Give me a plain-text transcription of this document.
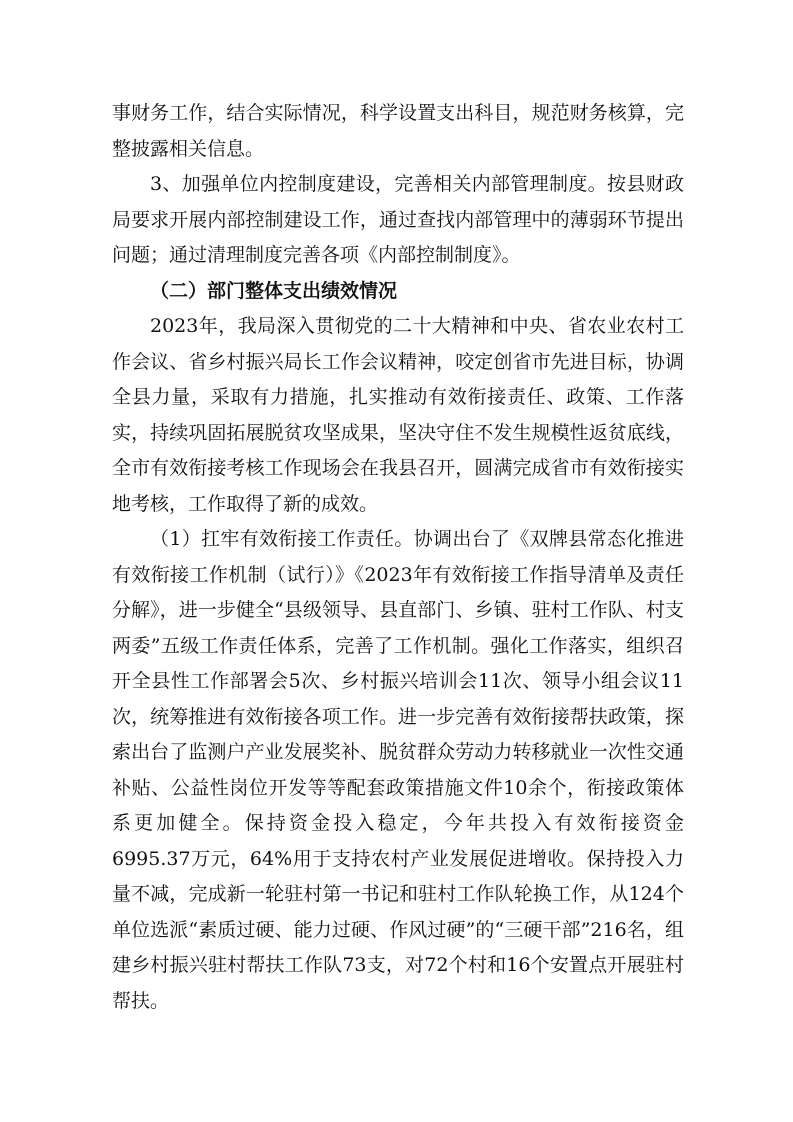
事财务工作，结合实际情况，科学设置支出科目，规范财务核算，完整披露相关信息。

3、加强单位内控制度建设，完善相关内部管理制度。按县财政局要求开展内部控制建设工作，通过查找内部管理中的薄弱环节提出问题；通过清理制度完善各项《内部控制制度》。

（二）部门整体支出绩效情况

2023年，我局深入贯彻党的二十大精神和中央、省农业农村工作会议、省乡村振兴局长工作会议精神，咬定创省市先进目标，协调全县力量，采取有力措施，扎实推动有效衔接责任、政策、工作落实，持续巩固拓展脱贫攻坚成果，坚决守住不发生规模性返贫底线，全市有效衔接考核工作现场会在我县召开，圆满完成省市有效衔接实地考核，工作取得了新的成效。

（1）扛牢有效衔接工作责任。协调出台了《双牌县常态化推进有效衔接工作机制（试行）》《2023年有效衔接工作指导清单及责任分解》，进一步健全“县级领导、县直部门、乡镇、驻村工作队、村支两委”五级工作责任体系，完善了工作机制。强化工作落实，组织召开全县性工作部署会5次、乡村振兴培训会11次、领导小组会议11次，统筹推进有效衔接各项工作。进一步完善有效衔接帮扶政策，探索出台了监测户产业发展奖补、脱贫群众劳动力转移就业一次性交通补贴、公益性岗位开发等等配套政策措施文件10余个，衔接政策体系更加健全。保持资金投入稳定，今年共投入有效衔接资金6995.37万元，64%用于支持农村产业发展促进增收。保持投入力量不减，完成新一轮驻村第一书记和驻村工作队轮换工作，从124个单位选派“素质过硬、能力过硬、作风过硬”的“三硬干部”216名，组建乡村振兴驻村帮扶工作队73支，对72个村和16个安置点开展驻村帮扶。
